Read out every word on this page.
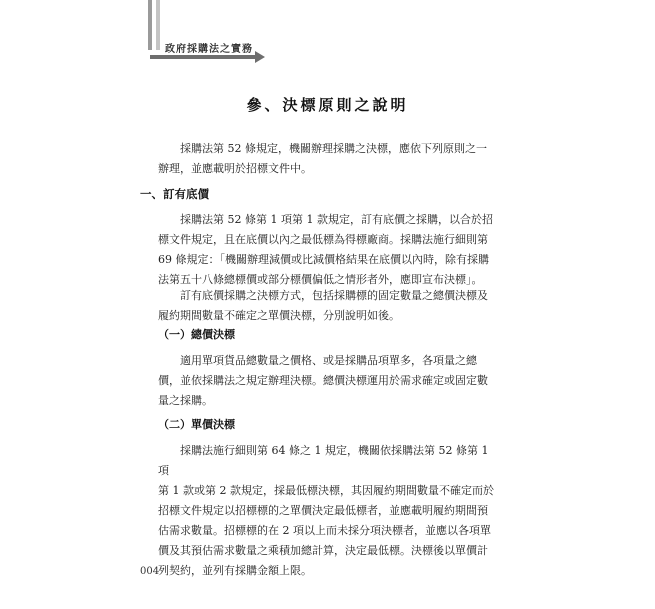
政府採購法之實務
參、決標原則之說明

採購法第 52 條規定，機關辦理採購之決標，應依下列原則之一

辦理，並應載明於招標文件中。

一、訂有底價

採購法第 52 條第 1 項第 1 款規定，訂有底價之採購，以合於招

標文件規定，且在底價以內之最低標為得標廠商。採購法施行細則第

69 條規定：「機關辦理減價或比減價格結果在底價以內時，除有採購

法第五十八條總標價或部分標價偏低之情形者外，應即宣布決標」。

訂有底價採購之決標方式，包括採購標的固定數量之總價決標及

履約期間數量不確定之單價決標，分別說明如後。

（一）總價決標

適用單項貨品總數量之價格、或是採購品項單多，各項量之總

價，並依採購法之規定辦理決標。總價決標運用於需求確定或固定數

量之採購。

（二）單價決標

採購法施行細則第 64 條之 1 規定，機關依採購法第 52 條第 1 項

第 1 款或第 2 款規定，採最低標決標，其因履約期間數量不確定而於

招標文件規定以招標標的之單價決定最低標者，並應載明履約期間預

估需求數量。招標標的在 2 項以上而未採分項決標者，並應以各項單

價及其預估需求數量之乘積加總計算，決定最低標。決標後以單價計

列契約，並列有採購金額上限。

004
